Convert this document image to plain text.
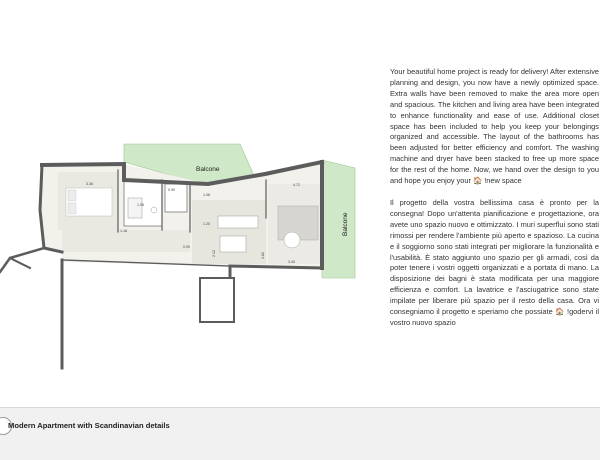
Balcone
Balcone
3.36
0.99
1.06
4.72
1.95
1.18
1.20
2.12	1.82
3.40
0.90

Your beautiful home project is ready for delivery! After extensive planning and design, you now have a newly optimized space. Extra walls have been removed to make the area more open and spacious. The kitchen and living area have been integrated to enhance functionality and ease of use. Additional closet space has been included to help you keep your belongings organized and accessible. The layout of the bathrooms has been adjusted for better efficiency and comfort. The washing machine and dryer have been stacked to free up more space for the rest of the home. Now, we hand over the design to you and hope you enjoy your 🏠 !new space

Il progetto della vostra bellissima casa è pronto per la consegna! Dopo un'attenta pianificazione e progettazione, ora avete uno spazio nuovo e ottimizzato. I muri superflui sono stati rimossi per rendere l'ambiente più aperto e spazioso. La cucina e il soggiorno sono stati integrati per migliorare la funzionalità e l'usabilità. È stato aggiunto uno spazio per gli armadi, così da poter tenere i vostri oggetti organizzati e a portata di mano. La disposizione dei bagni è stata modificata per una maggiore efficienza e comfort. La lavatrice e l'asciugatrice sono state impilate per liberare più spazio per il resto della casa. Ora vi consegniamo il progetto e speriamo che possiate 🏠 !godervi il vostro nuovo spazio

Modern Apartment with Scandinavian details
